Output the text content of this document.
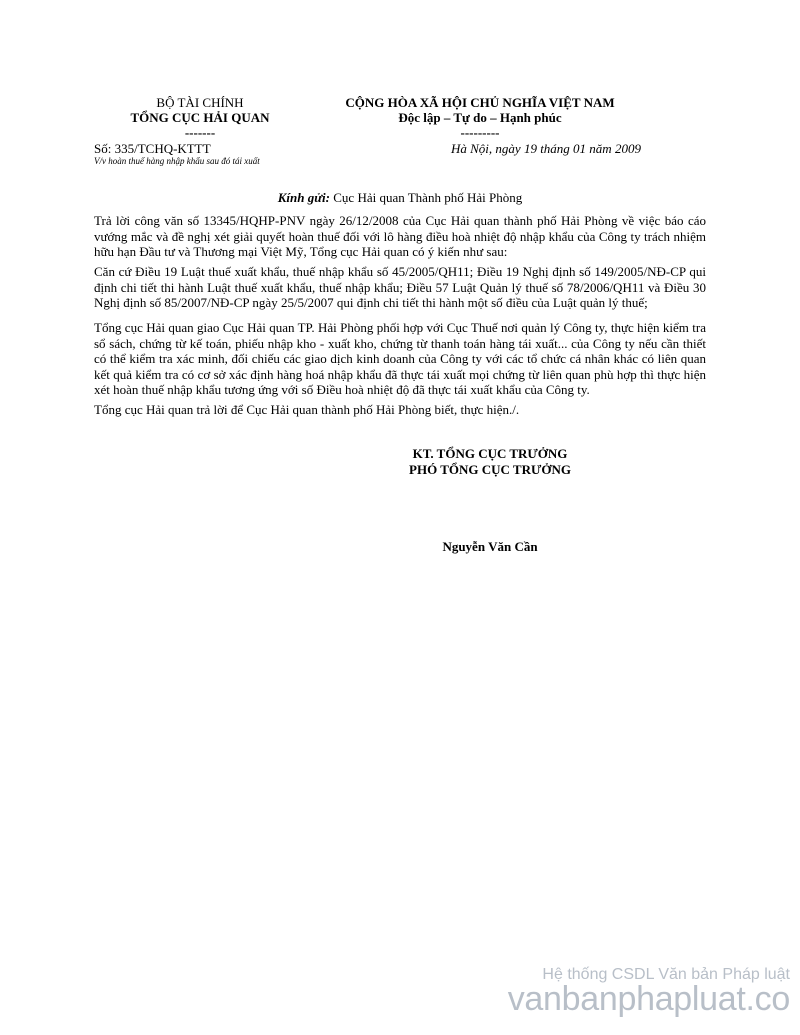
BỘ TÀI CHÍNH
TỔNG CỤC HẢI QUAN
-------
CỘNG HÒA XÃ HỘI CHỦ NGHĨA VIỆT NAM
Độc lập – Tự do – Hạnh phúc
---------
Số: 335/TCHQ-KTTT
V/v hoàn thuế hàng nhập khẩu sau đó tái xuất
Hà Nội, ngày 19 tháng 01 năm 2009
Kính gửi: Cục Hải quan Thành phố Hải Phòng
Trả lời công văn số 13345/HQHP-PNV ngày 26/12/2008 của Cục Hải quan thành phố Hải Phòng về việc báo cáo vướng mắc và đề nghị xét giải quyết hoàn thuế đối với lô hàng điều hoà nhiệt độ nhập khẩu của Công ty trách nhiệm hữu hạn Đầu tư và Thương mại Việt Mỹ, Tổng cục Hải quan có ý kiến như sau:
Căn cứ Điều 19 Luật thuế xuất khẩu, thuế nhập khẩu số 45/2005/QH11; Điều 19 Nghị định số 149/2005/NĐ-CP qui định chi tiết thi hành Luật thuế xuất khẩu, thuế nhập khẩu; Điều 57 Luật Quản lý thuế số 78/2006/QH11 và Điều 30 Nghị định số 85/2007/NĐ-CP ngày 25/5/2007 qui định chi tiết thi hành một số điều của Luật quản lý thuế;
Tổng cục Hải quan giao Cục Hải quan TP. Hải Phòng phối hợp với Cục Thuế nơi quản lý Công ty, thực hiện kiểm tra sổ sách, chứng từ kế toán, phiếu nhập kho - xuất kho, chứng từ thanh toán hàng tái xuất... của Công ty nếu cần thiết có thể kiểm tra xác minh, đối chiếu các giao dịch kinh doanh của Công ty với các tổ chức cá nhân khác có liên quan kết quả kiểm tra có cơ sở xác định hàng hoá nhập khẩu đã thực tái xuất mọi chứng từ liên quan phù hợp thì thực hiện xét hoàn thuế nhập khẩu tương ứng với số Điều hoà nhiệt độ đã thực tái xuất khẩu của Công ty.
Tổng cục Hải quan trả lời để Cục Hải quan thành phố Hải Phòng biết, thực hiện./.
KT. TỔNG CỤC TRƯỞNG
PHÓ TỔNG CỤC TRƯỞNG
Nguyễn Văn Cần
Hệ thống CSDL Văn bản Pháp luật
vanbanphapluat.co
